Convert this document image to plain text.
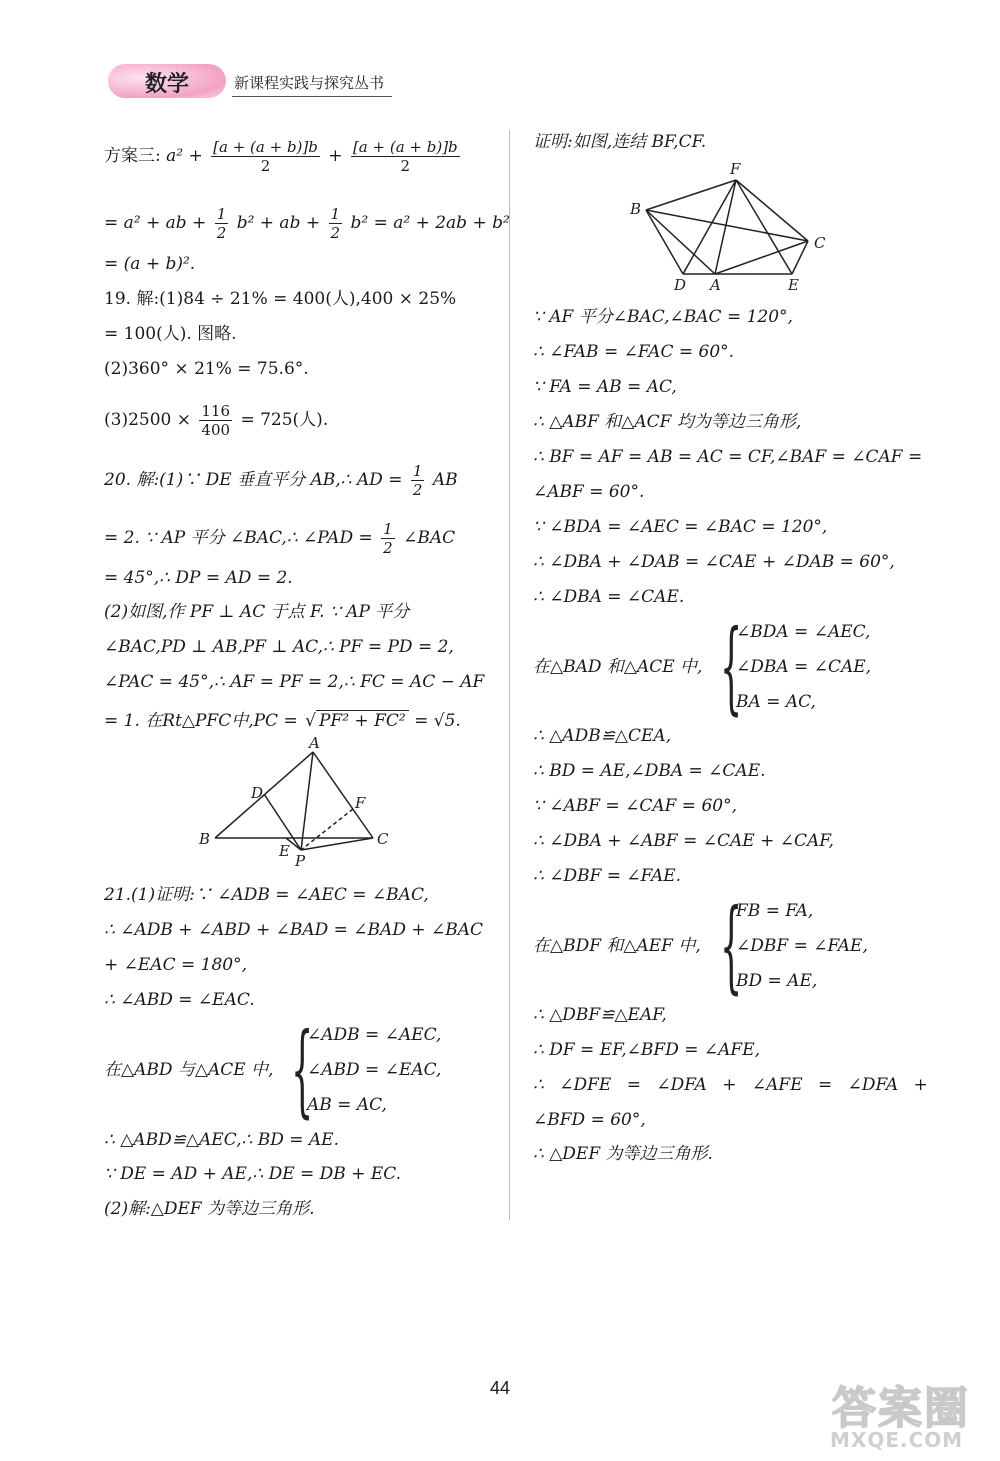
数学	新课程实践与探究丛书
方案三: $a^2 + \frac{[a + (a + b)]b}{2} + \frac{[a + (a + b)]b}{2}$
= a² + ab + $\frac{1}{2} b^2$ + ab + $\frac{1}{2} b^2 = a^2 + 2ab + b^2$
= (a + b)².
19. 解:(1)84 ÷ 21% = 400(人),400 × 25%
= 100(人). 图略.
(2)360° × 21% = 75.6°.
$(3)2500 \times \frac{116}{400} = 725$(人).
20. 解:(1)∵ DE 垂直平分 AB,∴ AD = $\frac{1}{2}$ AB
= 2. ∵ AP 平分 ∠BAC,∴ ∠PAD = $\frac{1}{2}$ ∠BAC
= 45°,∴ DP = AD = 2.
(2)如图,作 PF ⊥ AC 于点 F. ∵ AP 平分
∠BAC,PD ⊥ AB,PF ⊥ AC,∴ PF = PD = 2,
∠PAC = 45°,∴ AF = PF = 2,∴ FC = AC − AF
= 1. 在Rt△PFC中,PC = √ PF² + FC² = √5.
A
B	C
D
E
F
P
21.(1)证明:∵ ∠ADB = ∠AEC = ∠BAC,
∴ ∠ADB + ∠ABD + ∠BAD = ∠BAD + ∠BAC
+ ∠EAC = 180°,
∴ ∠ABD = ∠EAC.
在△ABD 与△ACE 中, {
∠ADB = ∠AEC,
∠ABD = ∠EAC,
AB = AC,
∴ △ABD≌△AEC,∴ BD = AE.
∵ DE = AD + AE,∴ DE = DB + EC.
(2)解:△DEF 为等边三角形.
证明:如图,连结 BF,CF.
F
B
C
D A	E
∵ AF 平分∠BAC,∠BAC = 120°,
∴ ∠FAB = ∠FAC = 60°.
∵ FA = AB = AC,
∴ △ABF 和△ACF 均为等边三角形,
∴ BF = AF = AB = AC = CF,∠BAF = ∠CAF =
∠ABF = 60°.
∵ ∠BDA = ∠AEC = ∠BAC = 120°,
∴ ∠DBA + ∠DAB = ∠CAE + ∠DAB = 60°,
∴ ∠DBA = ∠CAE.
在△BAD 和△ACE 中, {
∠BDA = ∠AEC,
∠DBA = ∠CAE,
BA = AC,
∴ △ADB≌△CEA,
∴ BD = AE,∠DBA = ∠CAE.
∵ ∠ABF = ∠CAF = 60°,
∴ ∠DBA + ∠ABF = ∠CAE + ∠CAF,
∴ ∠DBF = ∠FAE.
在△BDF 和△AEF 中, {
FB = FA,
∠DBF = ∠FAE,
BD = AE,
∴ △DBF≌△EAF,
∴ DF = EF,∠BFD = ∠AFE,
∴ ∠DFE = ∠DFA + ∠AFE = ∠DFA +
∠BFD = 60°,
∴ △DEF 为等边三角形.
44	答案圈
MXQE.COM
